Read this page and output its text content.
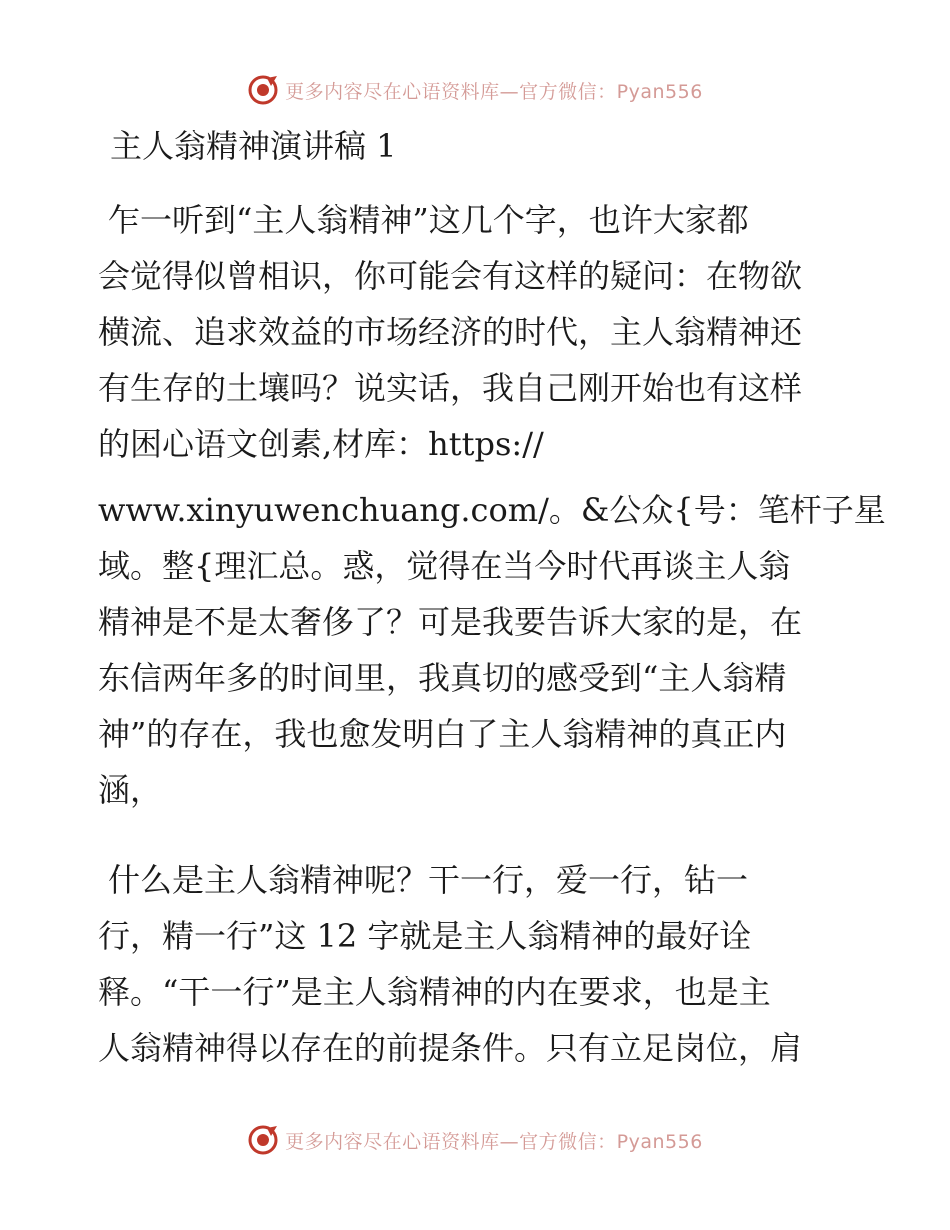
更多内容尽在心语资料库—官方微信：Pyan556
主人翁精神演讲稿 1
乍一听到“主人翁精神”这几个字，也许大家都
会觉得似曾相识，你可能会有这样的疑问：在物欲
横流、追求效益的市场经济的时代，主人翁精神还
有生存的土壤吗？说实话，我自己刚开始也有这样
的困心语文创素,材库：https://
www.xinyuwenchuang.com/。&公众{号：笔杆子星
域。整{理汇总。惑，觉得在当今时代再谈主人翁
精神是不是太奢侈了？可是我要告诉大家的是，在
东信两年多的时间里，我真切的感受到“主人翁精
神”的存在，我也愈发明白了主人翁精神的真正内
涵，
什么是主人翁精神呢？干一行，爱一行，钻一
行，精一行”这 12 字就是主人翁精神的最好诠
释。“干一行”是主人翁精神的内在要求，也是主
人翁精神得以存在的前提条件。只有立足岗位，肩
更多内容尽在心语资料库—官方微信：Pyan556
